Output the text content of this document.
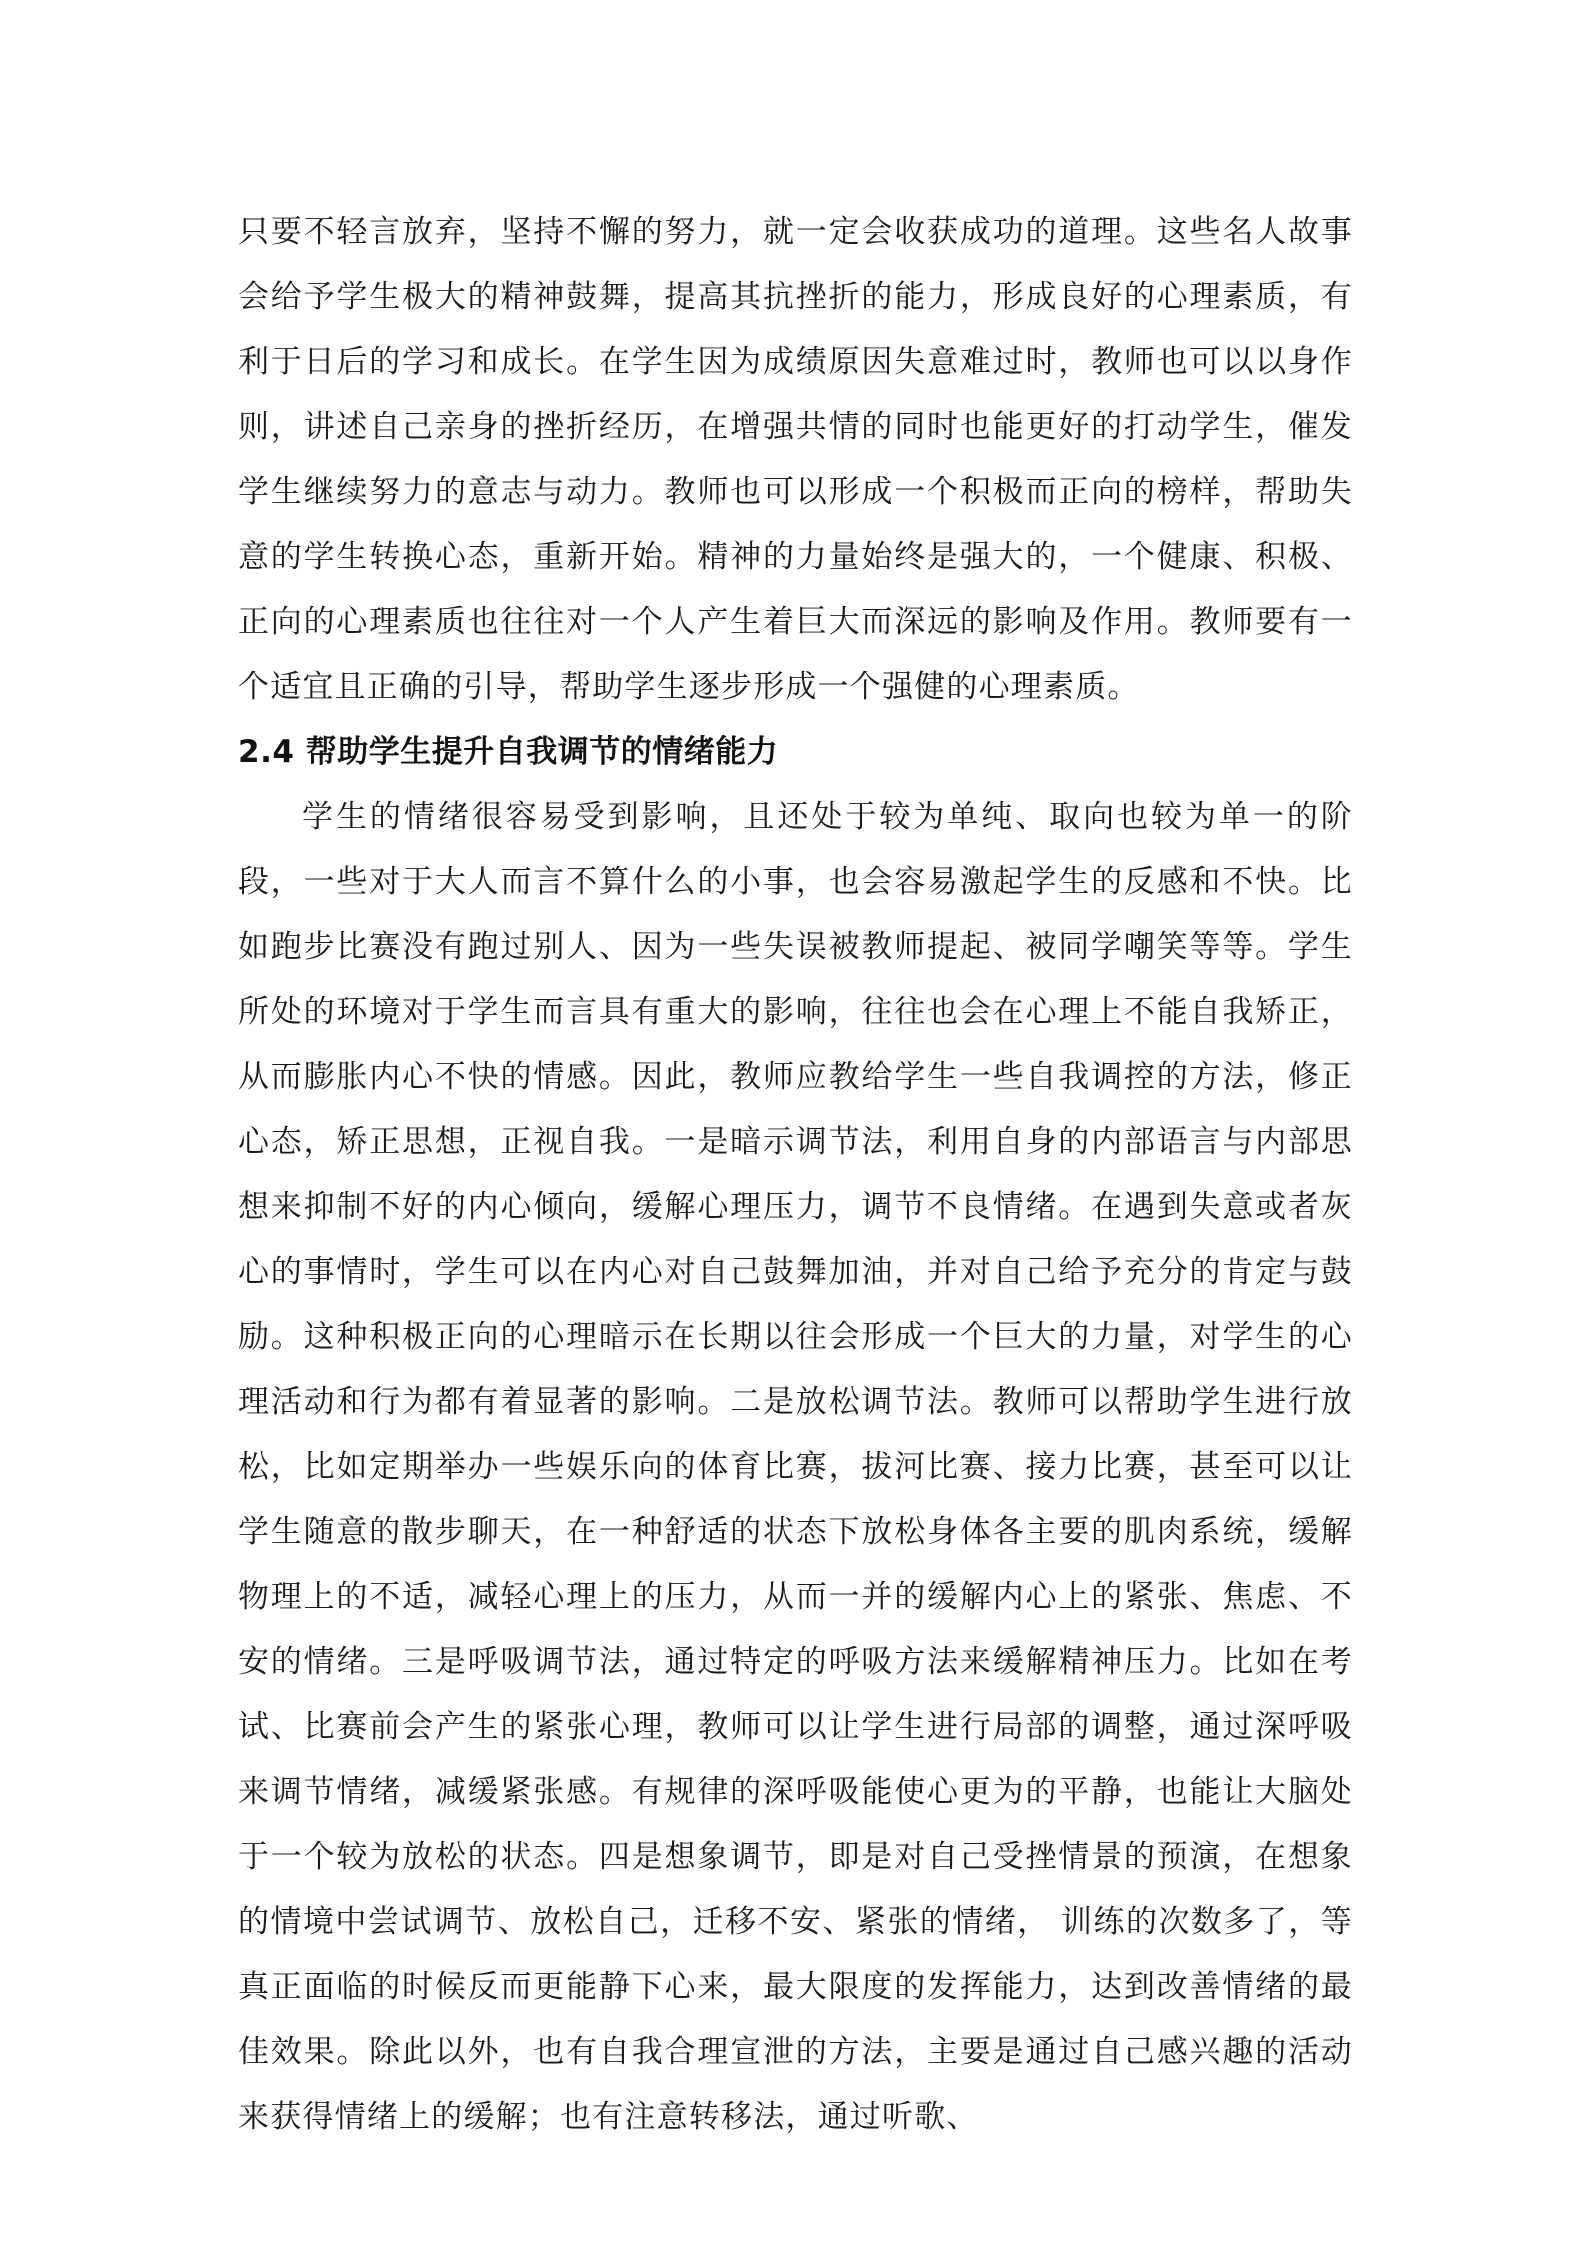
只要不轻言放弃，坚持不懈的努力，就一定会收获成功的道理。这些名人故事会给予学生极大的精神鼓舞，提高其抗挫折的能力，形成良好的心理素质，有利于日后的学习和成长。在学生因为成绩原因失意难过时，教师也可以以身作则，讲述自己亲身的挫折经历，在增强共情的同时也能更好的打动学生，催发学生继续努力的意志与动力。教师也可以形成一个积极而正向的榜样，帮助失意的学生转换心态，重新开始。精神的力量始终是强大的，一个健康、积极、正向的心理素质也往往对一个人产生着巨大而深远的影响及作用。教师要有一个适宜且正确的引导，帮助学生逐步形成一个强健的心理素质。

2.4 帮助学生提升自我调节的情绪能力

学生的情绪很容易受到影响，且还处于较为单纯、取向也较为单一的阶段，一些对于大人而言不算什么的小事，也会容易激起学生的反感和不快。比如跑步比赛没有跑过别人、因为一些失误被教师提起、被同学嘲笑等等。学生所处的环境对于学生而言具有重大的影响，往往也会在心理上不能自我矫正，从而膨胀内心不快的情感。因此，教师应教给学生一些自我调控的方法，修正心态，矫正思想，正视自我。一是暗示调节法，利用自身的内部语言与内部思想来抑制不好的内心倾向，缓解心理压力，调节不良情绪。在遇到失意或者灰心的事情时，学生可以在内心对自己鼓舞加油，并对自己给予充分的肯定与鼓励。这种积极正向的心理暗示在长期以往会形成一个巨大的力量，对学生的心理活动和行为都有着显著的影响。二是放松调节法。教师可以帮助学生进行放松，比如定期举办一些娱乐向的体育比赛，拔河比赛、接力比赛，甚至可以让学生随意的散步聊天，在一种舒适的状态下放松身体各主要的肌肉系统，缓解物理上的不适，减轻心理上的压力，从而一并的缓解内心上的紧张、焦虑、不安的情绪。三是呼吸调节法，通过特定的呼吸方法来缓解精神压力。比如在考试、比赛前会产生的紧张心理，教师可以让学生进行局部的调整，通过深呼吸来调节情绪，减缓紧张感。有规律的深呼吸能使心更为的平静，也能让大脑处于一个较为放松的状态。四是想象调节，即是对自己受挫情景的预演，在想象的情境中尝试调节、放松自己，迁移不安、紧张的情绪， 训练的次数多了，等真正面临的时候反而更能静下心来，最大限度的发挥能力，达到改善情绪的最佳效果。除此以外，也有自我合理宣泄的方法，主要是通过自己感兴趣的活动来获得情绪上的缓解；也有注意转移法，通过听歌、
